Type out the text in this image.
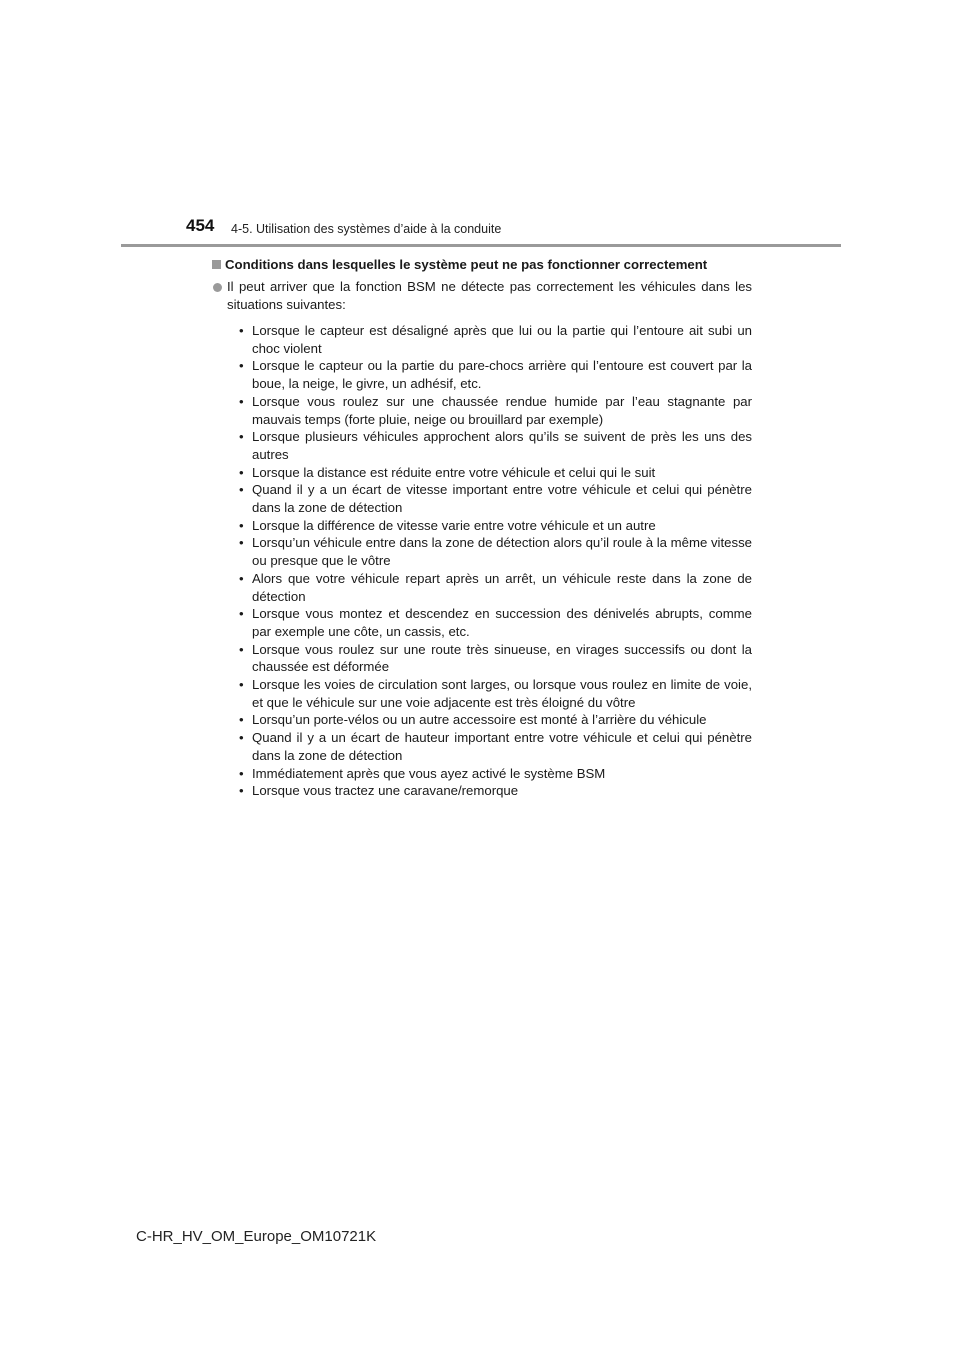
454 4-5. Utilisation des systèmes d’aide à la conduite

Conditions dans lesquelles le système peut ne pas fonctionner correctement

Il peut arriver que la fonction BSM ne détecte pas correctement les véhicules dans les situations suivantes:

• Lorsque le capteur est désaligné après que lui ou la partie qui l’entoure ait subi un choc violent
• Lorsque le capteur ou la partie du pare-chocs arrière qui l’entoure est couvert par la boue, la neige, le givre, un adhésif, etc.
• Lorsque vous roulez sur une chaussée rendue humide par l’eau stagnante par mauvais temps (forte pluie, neige ou brouillard par exemple)
• Lorsque plusieurs véhicules approchent alors qu’ils se suivent de près les uns des autres
• Lorsque la distance est réduite entre votre véhicule et celui qui le suit
• Quand il y a un écart de vitesse important entre votre véhicule et celui qui pénètre dans la zone de détection
• Lorsque la différence de vitesse varie entre votre véhicule et un autre
• Lorsqu’un véhicule entre dans la zone de détection alors qu’il roule à la même vitesse ou presque que le vôtre
• Alors que votre véhicule repart après un arrêt, un véhicule reste dans la zone de détection
• Lorsque vous montez et descendez en succession des dénivelés abrupts, comme par exemple une côte, un cassis, etc.
• Lorsque vous roulez sur une route très sinueuse, en virages successifs ou dont la chaussée est déformée
• Lorsque les voies de circulation sont larges, ou lorsque vous roulez en limite de voie, et que le véhicule sur une voie adjacente est très éloigné du vôtre
• Lorsqu’un porte-vélos ou un autre accessoire est monté à l’arrière du véhicule
• Quand il y a un écart de hauteur important entre votre véhicule et celui qui pénètre dans la zone de détection
• Immédiatement après que vous ayez activé le système BSM
• Lorsque vous tractez une caravane/remorque
C-HR_HV_OM_Europe_OM10721K
